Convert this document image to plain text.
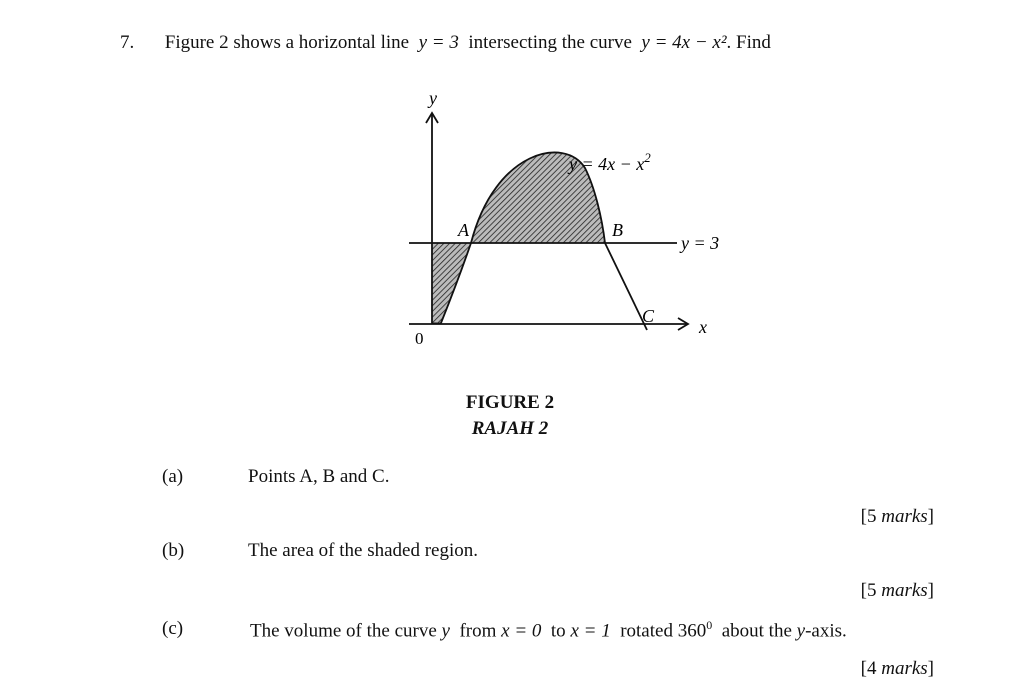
7. Figure 2 shows a horizontal line y = 3 intersecting the curve y = 4x − x². Find
y
x
0
$y = 4x - x^2$
y = 3
A	B
C
FIGURE 2
RAJAH 2
(a)	Points A, B and C.
[5 marks]
(b)	The area of the shaded region.
[5 marks]
(c)	The volume of the curve y from x = 0 to x = 1 rotated $360^0$ about the y-axis.
[4 marks]
